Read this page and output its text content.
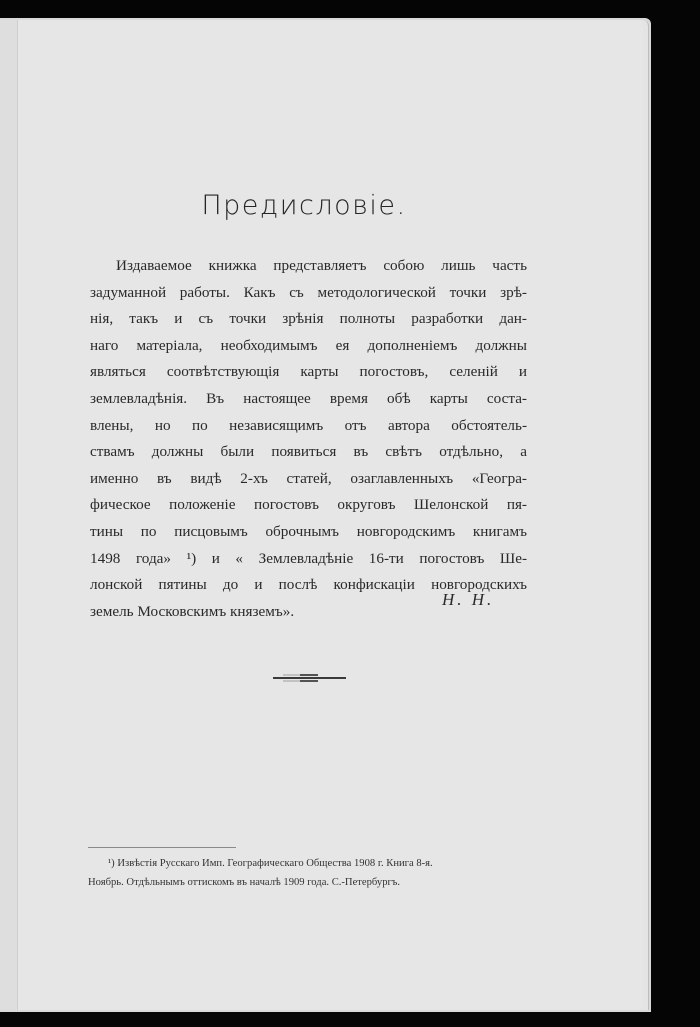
Предисловіе.
Издаваемое книжка представляетъ собою лишь часть
задуманной работы. Какъ съ методологической точки зрѣ-
нія, такъ и съ точки зрѣнія полноты разработки дан-
наго матеріала, необходимымъ ея дополненіемъ должны
являться соотвѣтствующія карты погостовъ, селеній и
землевладѣнія. Въ настоящее время обѣ карты соста-
влены, но по независящимъ отъ автора обстоятель-
ствамъ должны были появиться въ свѣтъ отдѣльно, а
именно въ видѣ 2-хъ статей, озаглавленныхъ «Геогра-
фическое положеніе погостовъ округовъ Шелонской пя-
тины по писцовымъ оброчнымъ новгородскимъ книгамъ
1498 года» ¹) и « Землевладѣніе 16-ти погостовъ Ше-
лонской пятины до и послѣ конфискаціи новгородскихъ
земель Московскимъ княземъ».
Н. Н.
¹) Извѣстія Русскаго Имп. Географическаго Общества 1908 г. Книга 8-я.
Ноябрь. Отдѣльнымъ оттискомъ въ началѣ 1909 года. С.-Петербургъ.
